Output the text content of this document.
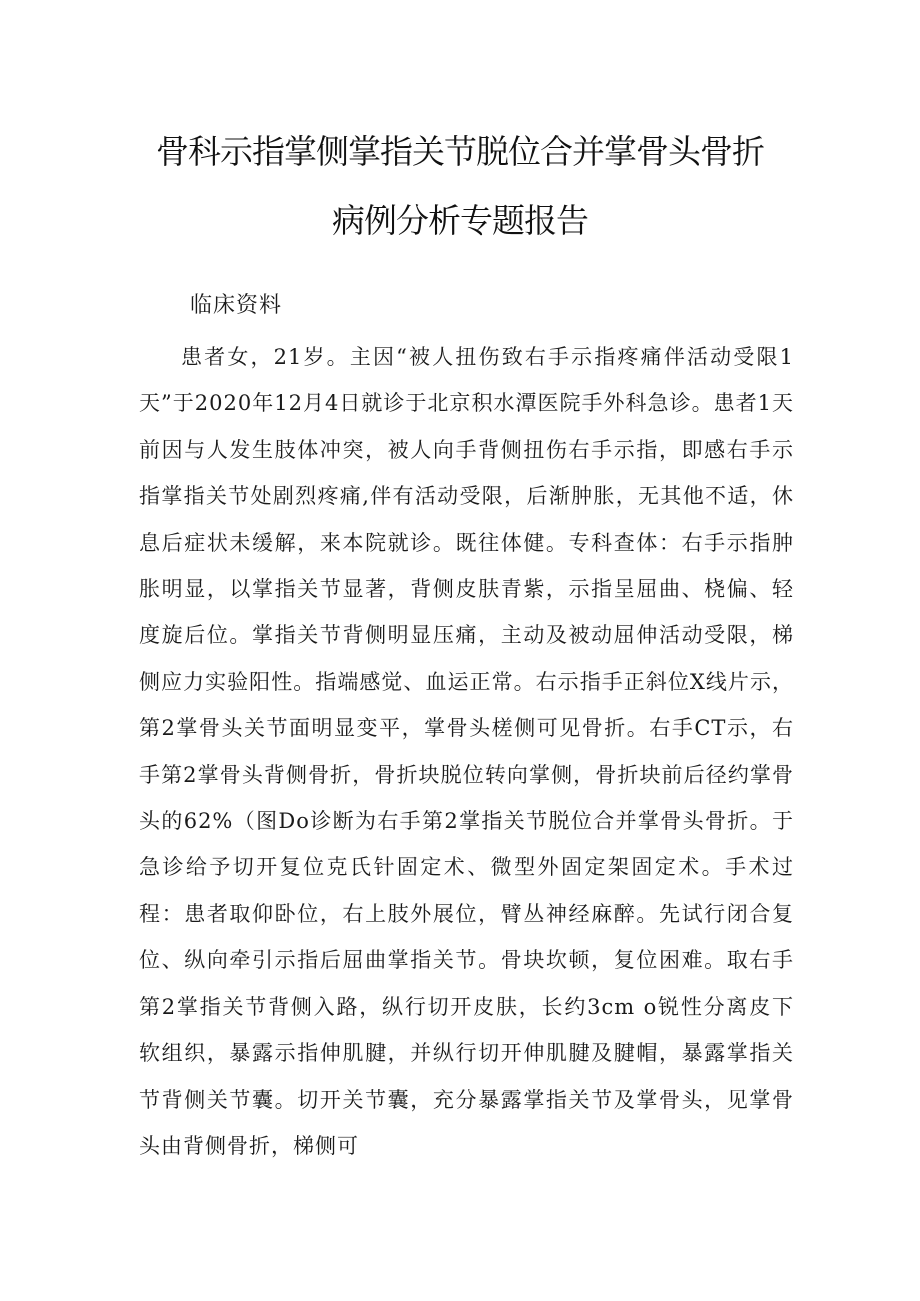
骨科示指掌侧掌指关节脱位合并掌骨头骨折
病例分析专题报告
临床资料

患者女，21岁。主因“被人扭伤致右手示指疼痛伴活动受限1天”于2020年12月4日就诊于北京积水潭医院手外科急诊。患者1天前因与人发生肢体冲突，被人向手背侧扭伤右手示指，即感右手示指掌指关节处剧烈疼痛,伴有活动受限，后渐肿胀，无其他不适，休息后症状未缓解，来本院就诊。既往体健。专科查体：右手示指肿胀明显，以掌指关节显著，背侧皮肤青紫，示指呈屈曲、桡偏、轻度旋后位。掌指关节背侧明显压痛，主动及被动屈伸活动受限，梯侧应力实验阳性。指端感觉、血运正常。右示指手正斜位X线片示，第2掌骨头关节面明显变平，掌骨头槎侧可见骨折。右手CT示，右手第2掌骨头背侧骨折，骨折块脱位转向掌侧，骨折块前后径约掌骨头的62%（图Do诊断为右手第2掌指关节脱位合并掌骨头骨折。于急诊给予切开复位克氏针固定术、微型外固定架固定术。手术过程：患者取仰卧位，右上肢外展位，臂丛神经麻醉。先试行闭合复位、纵向牵引示指后屈曲掌指关节。骨块坎顿，复位困难。取右手第2掌指关节背侧入路，纵行切开皮肤，长约3cm o锐性分离皮下软组织，暴露示指伸肌腱，并纵行切开伸肌腱及腱帽，暴露掌指关节背侧关节囊。切开关节囊，充分暴露掌指关节及掌骨头，见掌骨头由背侧骨折，梯侧可
